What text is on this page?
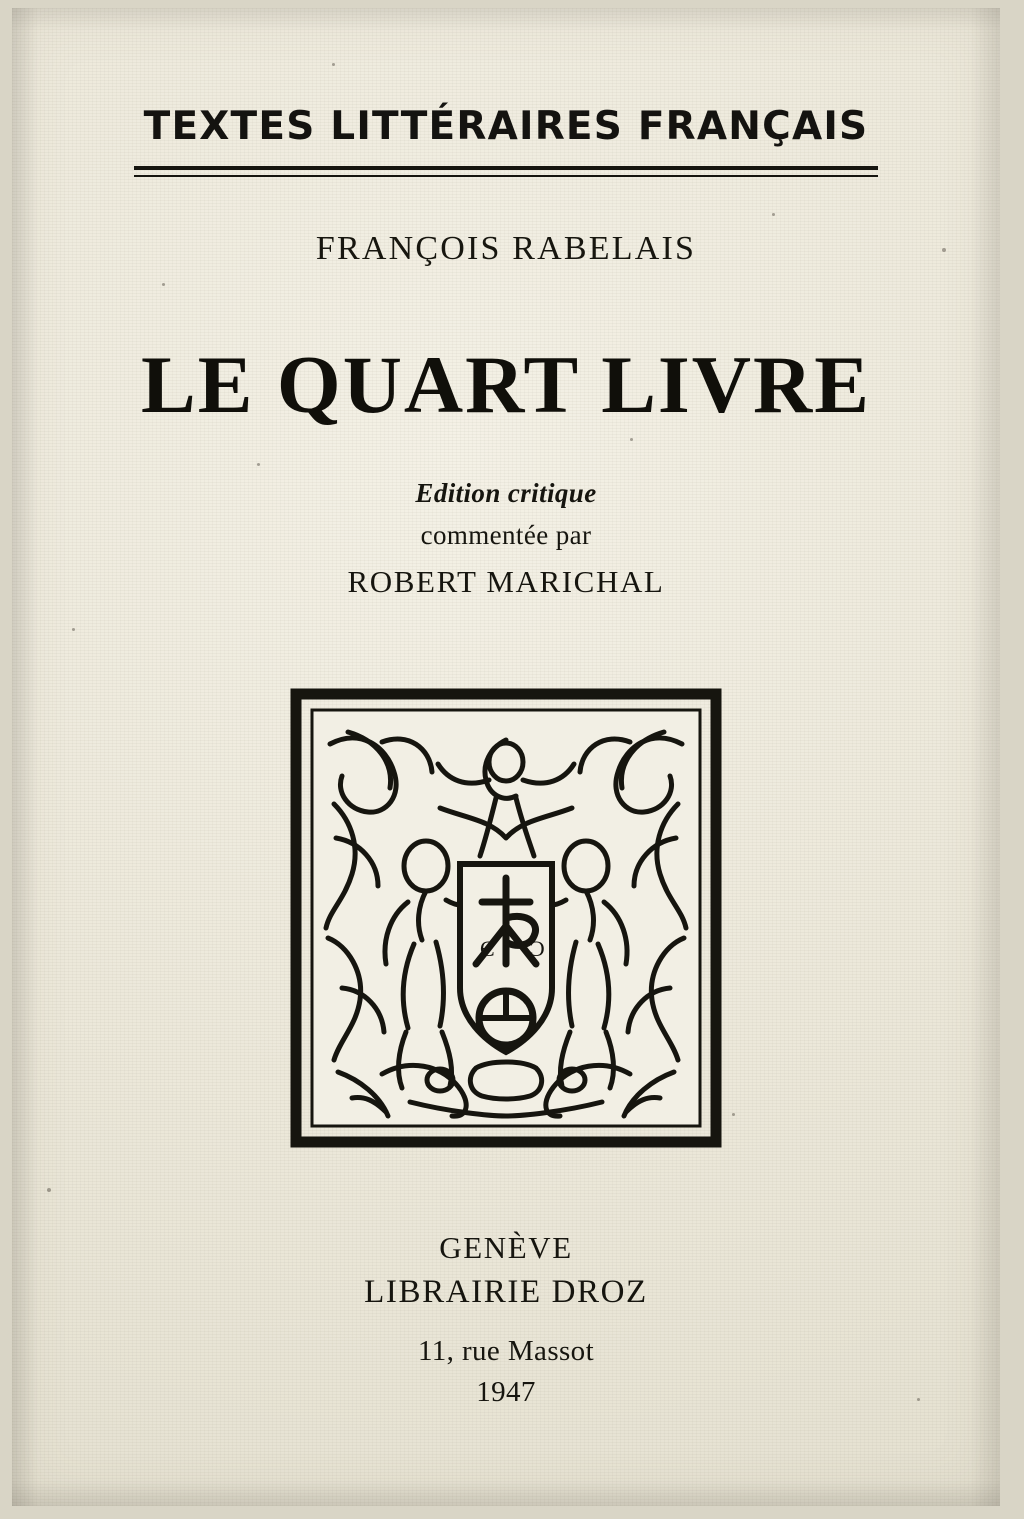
TEXTES LITTÉRAIRES FRANÇAIS
FRANÇOIS RABELAIS
LE QUART LIVRE
Edition critique
commentée par
ROBERT MARICHAL
Є Ɔ
GENÈVE
LIBRAIRIE DROZ
11, rue Massot
1947
